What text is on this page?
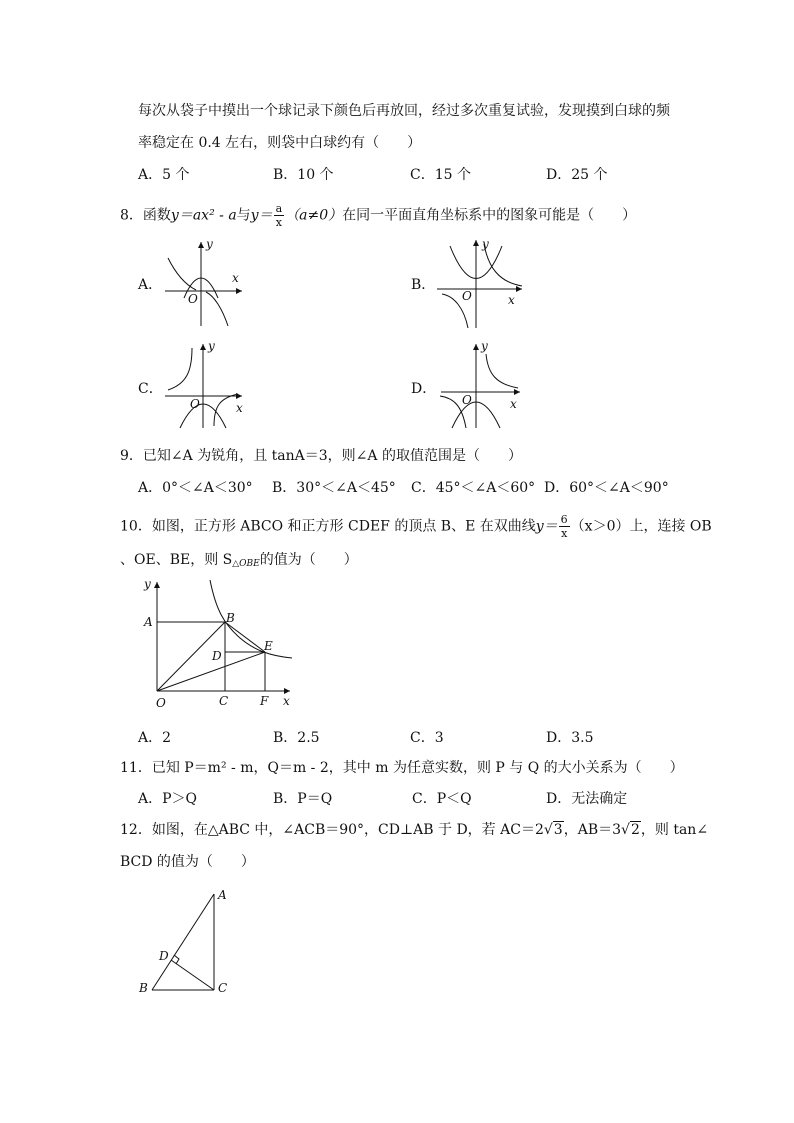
每次从袋子中摸出一个球记录下颜色后再放回，经过多次重复试验，发现摸到白球的频
率稳定在 0.4 左右，则袋中白球约有（　　）
A．5 个	B．10 个	C．15 个	D．25 个
8．函数y＝ax² - a与$y= \frac{a}{x} (a\ne 0)$在同一平面直角坐标系中的图象可能是（　　）
A．	B．
C．	D．
x
y
O	x
y
O
x
y
O	x
y
O
9．已知∠A 为锐角，且 tanA＝3，则∠A 的取值范围是（　　）
A．0°＜∠A＜30° B．30°＜∠A＜45° C．45°＜∠A＜60° D．60°＜∠A＜90°
10．如图，正方形 ABCO 和正方形 CDEF 的顶点 B、E 在双曲线$y= \frac{6}{x} (x>0)$上，连接 OB
、OE、BE，则 $S_{\triangle OBE}$的值为（　　）
y
A	B
D
E
O	C	F x
A．2	B．2.5	C．3	D．3.5
11．已知 P＝m² - m，Q＝m - 2，其中 m 为任意实数，则 P 与 Q 的大小关系为（　　）
A．P＞Q	B．P＝Q	C．P＜Q	D．无法确定
12．如图，在△ABC 中，∠ACB＝90°，CD⊥AB 于 D，若 AC＝2√3，AB＝3√2，则 tan∠
BCD 的值为（　　）
A
D
B	C
